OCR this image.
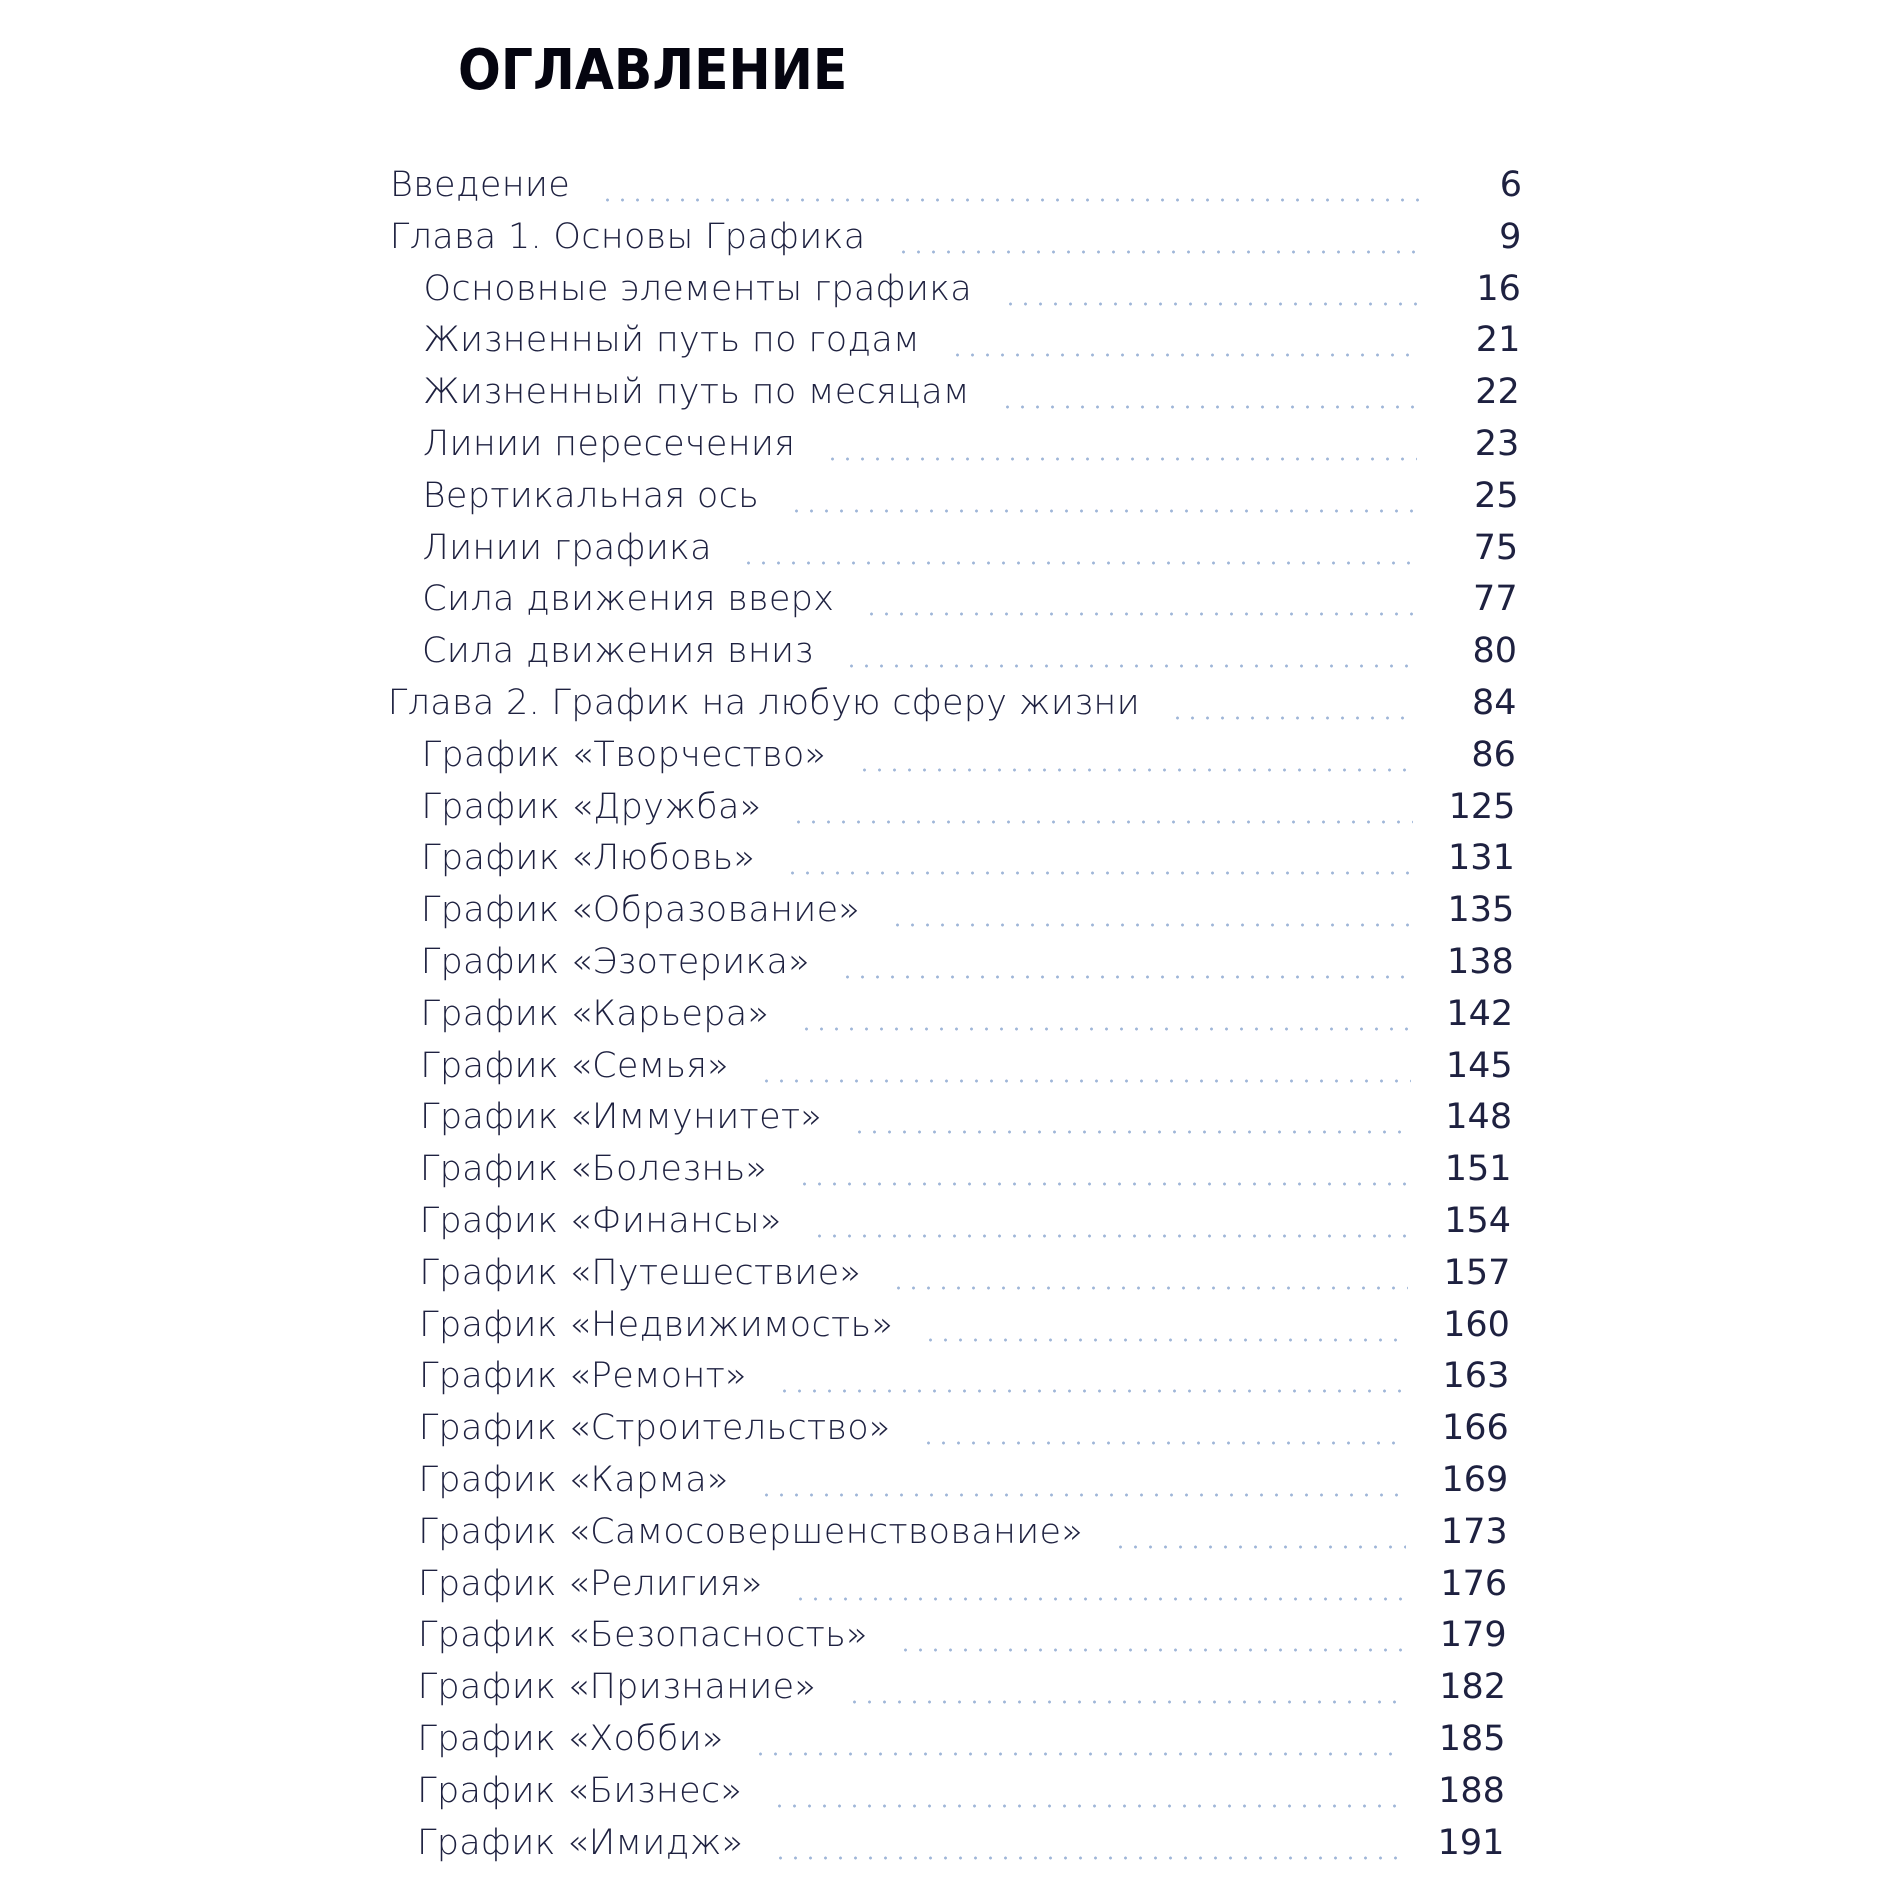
ОГЛАВЛЕНИЕ
Введение	6
Глава 1. Основы Графика	9
Основные элементы графика	16
Жизненный путь по годам	21
Жизненный путь по месяцам	22
Линии пересечения	23
Вертикальная ось	25
Линии графика	75
Сила движения вверх	77
Сила движения вниз	80
Глава 2. График на любую сферу жизни	84
График «Творчество»	86
График «Дружба»	125
График «Любовь»	131
График «Образование»	135
График «Эзотерика»	138
График «Карьера»	142
График «Семья»	145
График «Иммунитет»	148
График «Болезнь»	151
График «Финансы»	154
График «Путешествие»	157
График «Недвижимость»	160
График «Ремонт»	163
График «Строительство»	166
График «Карма»	169
График «Самосовершенствование»	173
График «Религия»	176
График «Безопасность»	179
График «Признание»	182
График «Хобби»	185
График «Бизнес»	188
График «Имидж»	191
